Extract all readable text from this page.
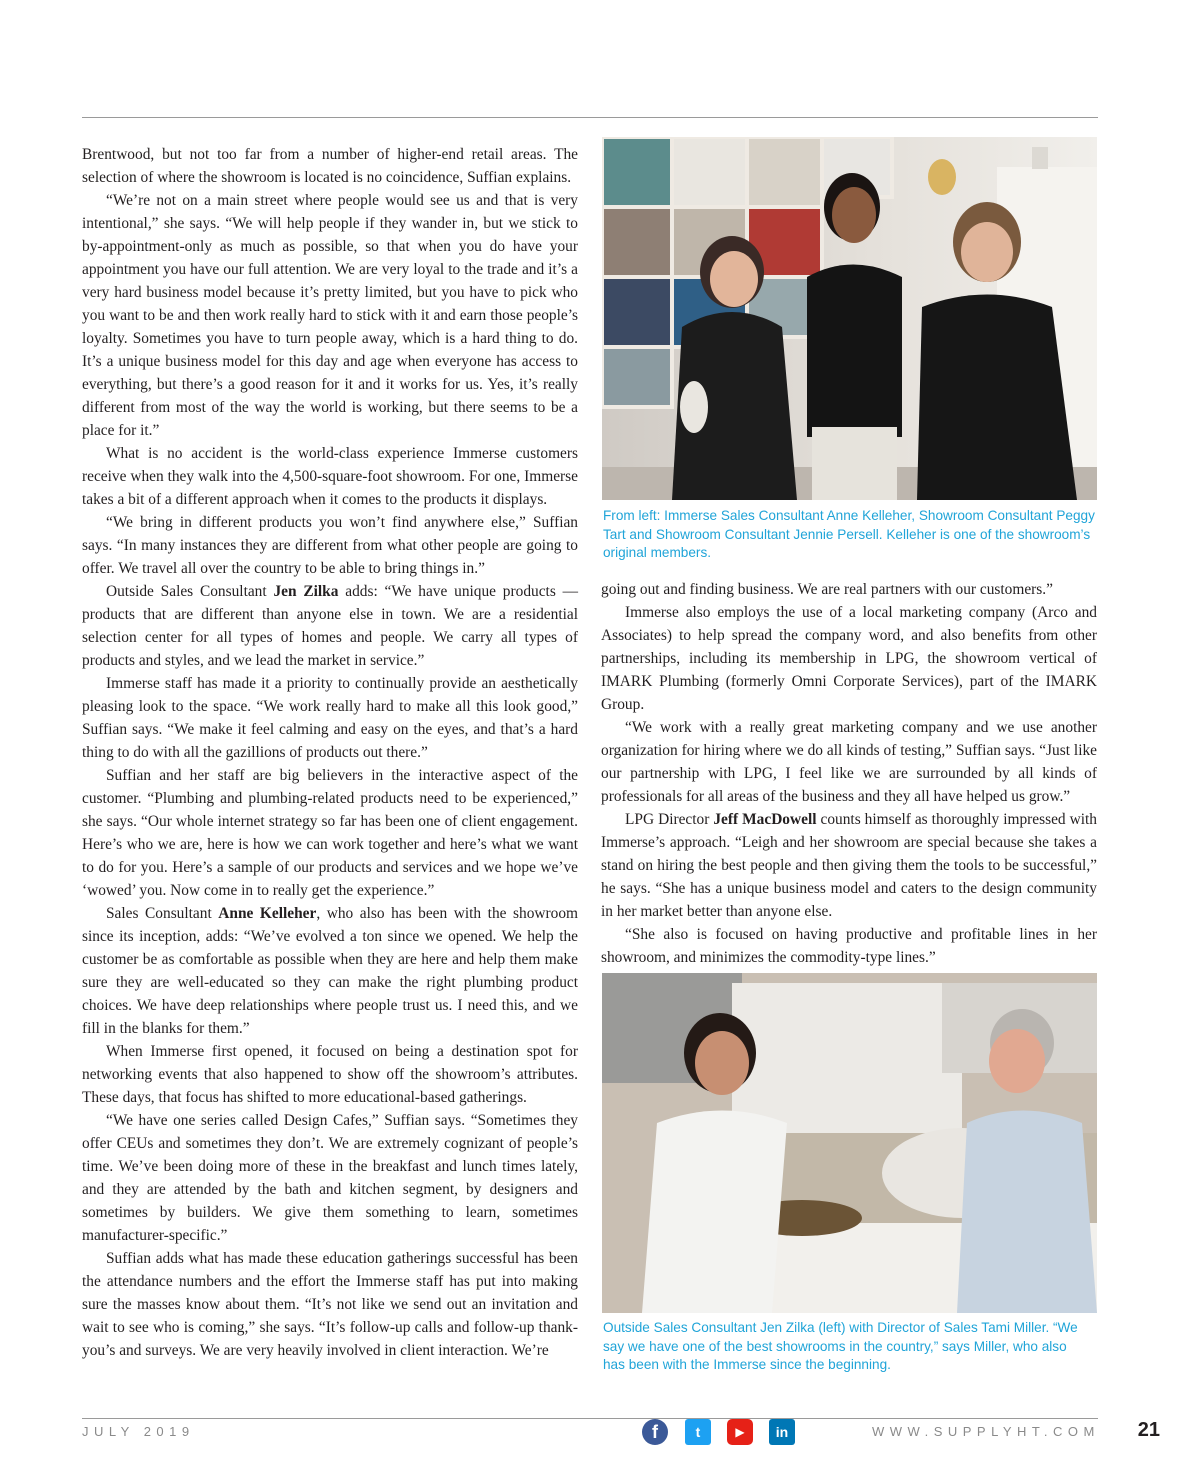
Brentwood, but not too far from a number of higher-end retail areas. The selection of where the showroom is located is no coincidence, Suffian explains.

“We’re not on a main street where people would see us and that is very intentional,” she says. “We will help people if they wander in, but we stick to by-appointment-only as much as possible, so that when you do have your appointment you have our full attention. We are very loyal to the trade and it’s a very hard business model because it’s pretty limited, but you have to pick who you want to be and then work really hard to stick with it and earn those people’s loyalty. Sometimes you have to turn people away, which is a hard thing to do. It’s a unique business model for this day and age when everyone has access to everything, but there’s a good reason for it and it works for us. Yes, it’s really different from most of the way the world is working, but there seems to be a place for it.”

What is no accident is the world-class experience Immerse customers receive when they walk into the 4,500-square-foot showroom. For one, Immerse takes a bit of a different approach when it comes to the products it displays.

“We bring in different products you won’t find anywhere else,” Suffian says. “In many instances they are different from what other people are going to offer. We travel all over the country to be able to bring things in.”

Outside Sales Consultant Jen Zilka adds: “We have unique products — products that are different than anyone else in town. We are a residential selection center for all types of homes and people. We carry all types of products and styles, and we lead the market in service.”

Immerse staff has made it a priority to continually provide an aesthetically pleasing look to the space. “We work really hard to make all this look good,” Suffian says. “We make it feel calming and easy on the eyes, and that’s a hard thing to do with all the gazillions of products out there.”

Suffian and her staff are big believers in the interactive aspect of the customer. “Plumbing and plumbing-related products need to be experienced,” she says. “Our whole internet strategy so far has been one of client engagement. Here’s who we are, here is how we can work together and here’s what we want to do for you. Here’s a sample of our products and services and we hope we’ve ‘wowed’ you. Now come in to really get the experience.”

Sales Consultant Anne Kelleher, who also has been with the showroom since its inception, adds: “We’ve evolved a ton since we opened. We help the customer be as comfortable as possible when they are here and help them make sure they are well-educated so they can make the right plumbing product choices. We have deep relationships where people trust us. I need this, and we fill in the blanks for them.”

When Immerse first opened, it focused on being a destination spot for networking events that also happened to show off the showroom’s attributes. These days, that focus has shifted to more educational-based gatherings.

“We have one series called Design Cafes,” Suffian says. “Sometimes they offer CEUs and sometimes they don’t. We are extremely cognizant of people’s time. We’ve been doing more of these in the breakfast and lunch times lately, and they are attended by the bath and kitchen segment, by designers and sometimes by builders. We give them something to learn, sometimes manufacturer-specific.”

Suffian adds what has made these education gatherings successful has been the attendance numbers and the effort the Immerse staff has put into making sure the masses know about them. “It’s not like we send out an invitation and wait to see who is coming,” she says. “It’s follow-up calls and follow-up thank-you’s and surveys. We are very heavily involved in client interaction. We’re

From left: Immerse Sales Consultant Anne Kelleher, Showroom Consultant Peggy Tart and Showroom Consultant Jennie Persell. Kelleher is one of the showroom’s original members.

going out and finding business. We are real partners with our customers.”

Immerse also employs the use of a local marketing company (Arco and Associates) to help spread the company word, and also benefits from other partnerships, including its membership in LPG, the showroom vertical of IMARK Plumbing (formerly Omni Corporate Services), part of the IMARK Group.

“We work with a really great marketing company and we use another organization for hiring where we do all kinds of testing,” Suffian says. “Just like our partnership with LPG, I feel like we are surrounded by all kinds of professionals for all areas of the business and they all have helped us grow.”

LPG Director Jeff MacDowell counts himself as thoroughly impressed with Immerse’s approach. “Leigh and her showroom are special because she takes a stand on hiring the best people and then giving them the tools to be successful,” he says. “She has a unique business model and caters to the design community in her market better than anyone else.

“She also is focused on having productive and profitable lines in her showroom, and minimizes the commodity-type lines.”

Outside Sales Consultant Jen Zilka (left) with Director of Sales Tami Miller. “We say we have one of the best showrooms in the country,” says Miller, who also has been with the Immerse since the beginning.
JULY 2019	f	t	▶ in	WWW.SUPPLYHT.COM 21
